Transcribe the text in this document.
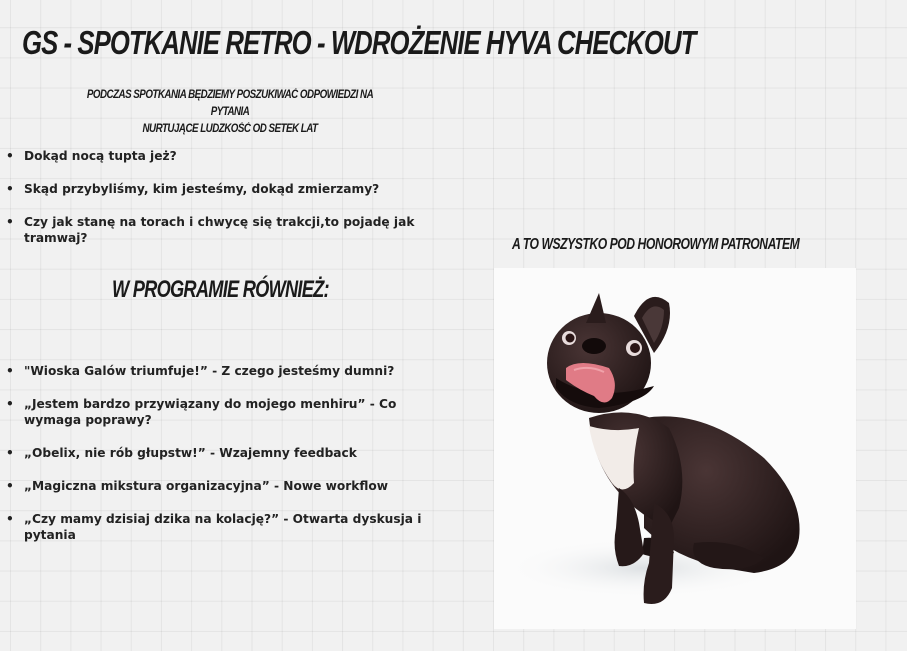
GS - SPOTKANIE RETRO - WDROŻENIE HYVA CHECKOUT
PODCZAS SPOTKANIA BĘDZIEMY POSZUKIWAĆ ODPOWIEDZI NA PYTANIA
NURTUJĄCE LUDZKOŚĆ OD SETEK LAT
• Dokąd nocą tupta jeż?
• Skąd przybyliśmy, kim jesteśmy, dokąd zmierzamy?
• Czy jak stanę na torach i chwycę się trakcji,to pojadę jak tramwaj?
W PROGRAMIE RÓWNIEŻ:
• "Wioska Galów triumfuje!” - Z czego jesteśmy dumni?
• „Jestem bardzo przywiązany do mojego menhiru” - Co wymaga poprawy?
• „Obelix, nie rób głupstw!” - Wzajemny feedback
• „Magiczna mikstura organizacyjna” - Nowe workflow
• „Czy mamy dzisiaj dzika na kolację?” - Otwarta dyskusja i pytania
A TO WSZYSTKO POD HONOROWYM PATRONATEM
